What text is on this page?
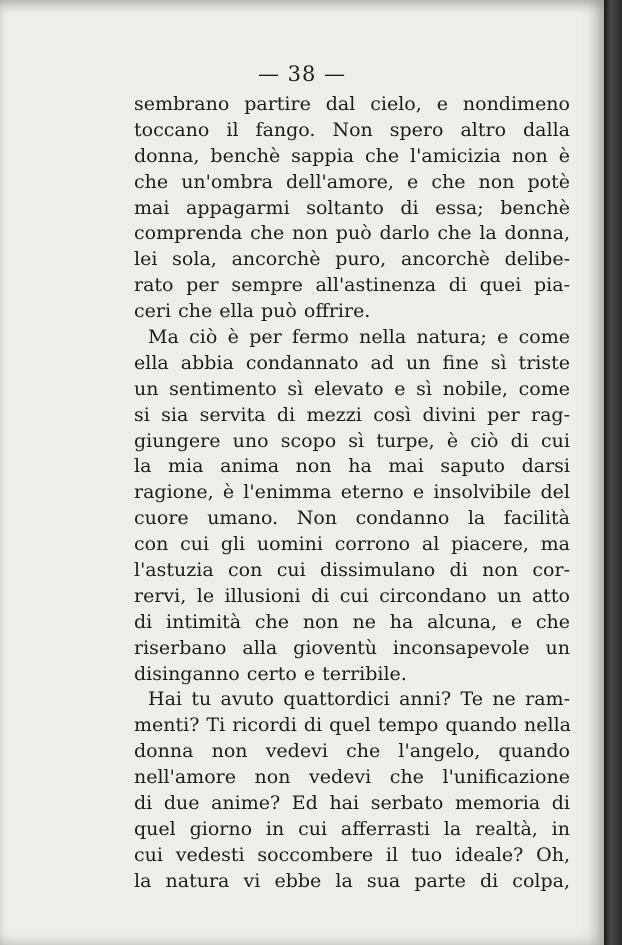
— 38 —
sembrano partire dal cielo, e nondimeno
toccano il fango. Non spero altro dalla
donna, benchè sappia che l'amicizia non è
che un'ombra dell'amore, e che non potè
mai appagarmi soltanto di essa; benchè
comprenda che non può darlo che la donna,
lei sola, ancorchè puro, ancorchè delibe-
rato per sempre all'astinenza di quei pia-
ceri che ella può offrire.
Ma ciò è per fermo nella natura; e come
ella abbia condannato ad un fine sì triste
un sentimento sì elevato e sì nobile, come
si sia servita di mezzi così divini per rag-
giungere uno scopo sì turpe, è ciò di cui
la mia anima non ha mai saputo darsi
ragione, è l'enimma eterno e insolvibile del
cuore umano. Non condanno la facilità
con cui gli uomini corrono al piacere, ma
l'astuzia con cui dissimulano di non cor-
rervi, le illusioni di cui circondano un atto
di intimità che non ne ha alcuna, e che
riserbano alla gioventù inconsapevole un
disinganno certo e terribile.
Hai tu avuto quattordici anni? Te ne ram-
menti? Ti ricordi di quel tempo quando nella
donna non vedevi che l'angelo, quando
nell'amore non vedevi che l'unificazione
di due anime? Ed hai serbato memoria di
quel giorno in cui afferrasti la realtà, in
cui vedesti soccombere il tuo ideale? Oh,
la natura vi ebbe la sua parte di colpa,
